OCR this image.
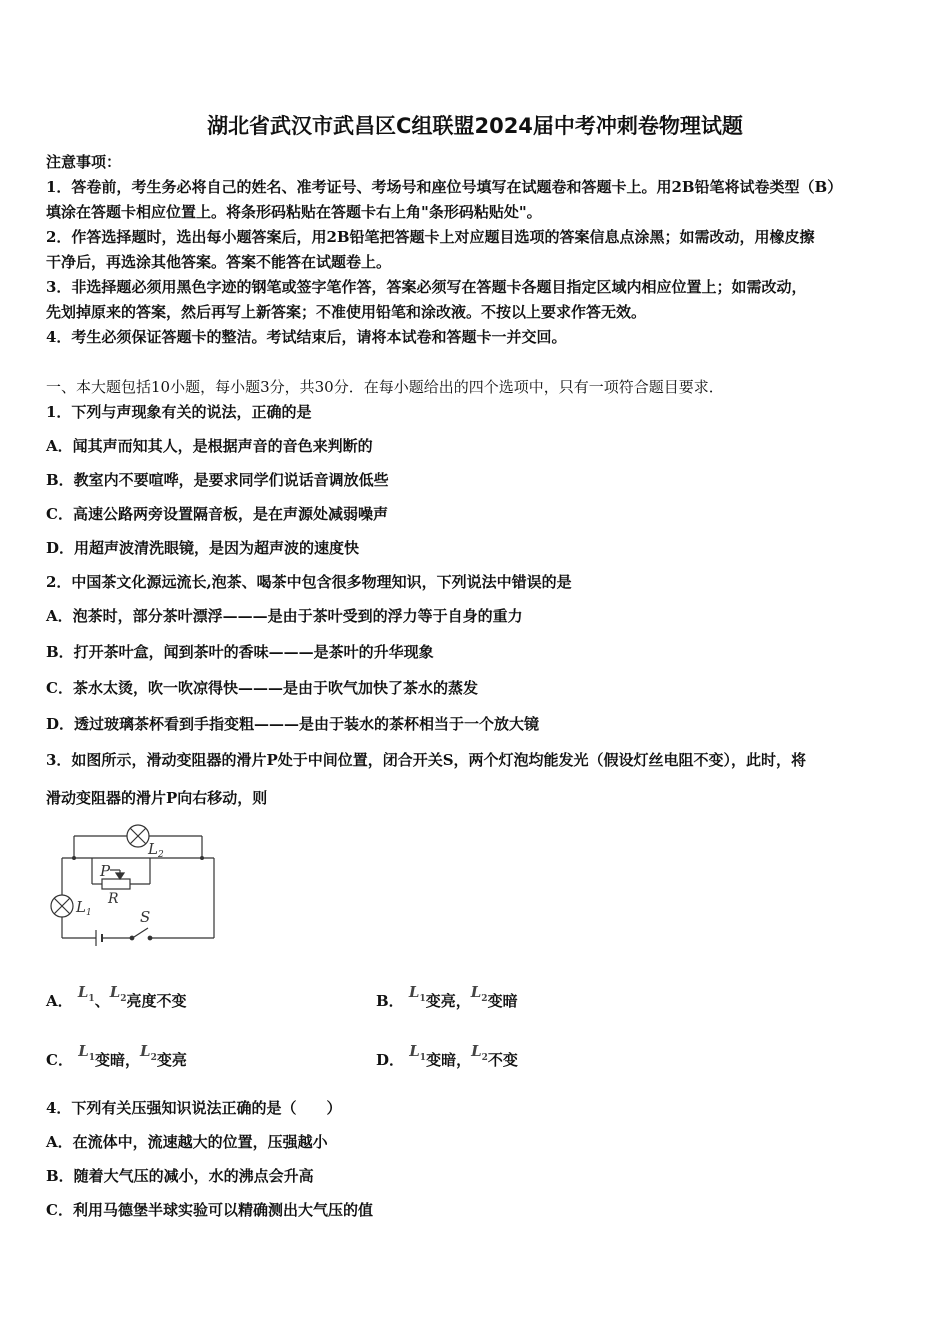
湖北省武汉市武昌区C组联盟2024届中考冲刺卷物理试题
注意事项：
1．答卷前，考生务必将自己的姓名、准考证号、考场号和座位号填写在试题卷和答题卡上。用2B铅笔将试卷类型（B）
填涂在答题卡相应位置上。将条形码粘贴在答题卡右上角"条形码粘贴处"。
2．作答选择题时，选出每小题答案后，用2B铅笔把答题卡上对应题目选项的答案信息点涂黑；如需改动，用橡皮擦
干净后，再选涂其他答案。答案不能答在试题卷上。
3．非选择题必须用黑色字迹的钢笔或签字笔作答，答案必须写在答题卡各题目指定区域内相应位置上；如需改动，
先划掉原来的答案，然后再写上新答案；不准使用铅笔和涂改液。不按以上要求作答无效。
4．考生必须保证答题卡的整洁。考试结束后，请将本试卷和答题卡一并交回。
一、本大题包括10小题，每小题3分，共30分．在每小题给出的四个选项中，只有一项符合题目要求．
1．下列与声现象有关的说法，正确的是
A．闻其声而知其人，是根据声音的音色来判断的
B．教室内不要喧哗，是要求同学们说话音调放低些
C．高速公路两旁设置隔音板，是在声源处减弱噪声
D．用超声波清洗眼镜，是因为超声波的速度快
2．中国茶文化源远流长,泡茶、喝茶中包含很多物理知识，下列说法中错误的是
A．泡茶时，部分茶叶漂浮———是由于茶叶受到的浮力等于自身的重力
B．打开茶叶盒，闻到茶叶的香味———是茶叶的升华现象
C．茶水太烫，吹一吹凉得快———是由于吹气加快了茶水的蒸发
D．透过玻璃茶杯看到手指变粗———是由于装水的茶杯相当于一个放大镜
3．如图所示，滑动变阻器的滑片P处于中间位置，闭合开关S，两个灯泡均能发光（假设灯丝电阻不变），此时，将
滑动变阻器的滑片P向右移动，则
$L_2$
P
R
$L_1$	S
A． $L_1$、$L_2$亮度不变	B． $L_1$变亮，$L_2$变暗
C． $L_1$变暗，$L_2$变亮	D． $L_1$变暗，$L_2$不变
4．下列有关压强知识说法正确的是（　　）
A．在流体中，流速越大的位置，压强越小
B．随着大气压的减小，水的沸点会升高
C．利用马德堡半球实验可以精确测出大气压的值
